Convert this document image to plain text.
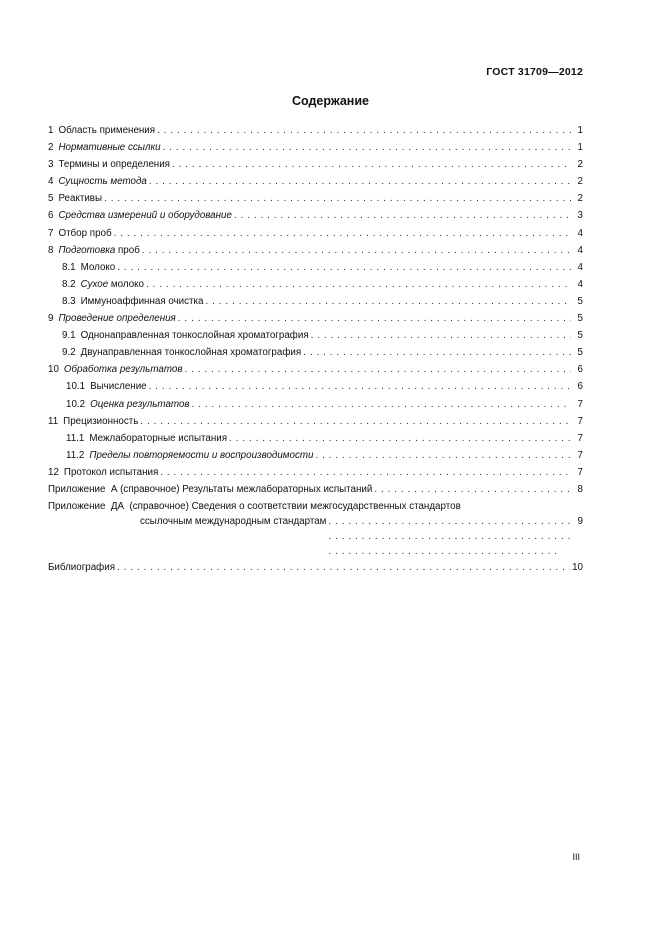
ГОСТ 31709—2012
Содержание
1 Область применения . . .	1
2 Нормативные ссылки . . .	1
3 Термины и определения . . .	2
4 Сущность метода . . .	2
5 Реактивы . . .	2
6 Средства измерений и оборудование . . .	3
7 Отбор проб . . .	4
8 Подготовка проб . . .	4
8.1 Молоко . . .	4
8.2 Сухое молоко . . .	4
8.3 Иммуноаффинная очистка . . .	5
9 Проведение определения . . .	5
9.1 Однонаправленная тонкослойная хроматография . . .	5
9.2 Двунаправленная тонкослойная хроматография . . .	5
10 Обработка результатов . . .	6
10.1 Вычисление . . .	6
10.2 Оценка результатов . . .	7
11 Прецизионность . . .	7
11.1 Межлабораторные испытания . . .	7
11.2 Пределы повторяемости и воспроизводимости . . .	7
12 Протокол испытания . . .	7
Приложение  А (справочное) Результаты межлабораторных испытаний . . .	8
Приложение  ДА  (справочное) Сведения о соответствии межгосударственных стандартов
ссылочным международным стандартам . . .	9
Библиография . . .	10
III
